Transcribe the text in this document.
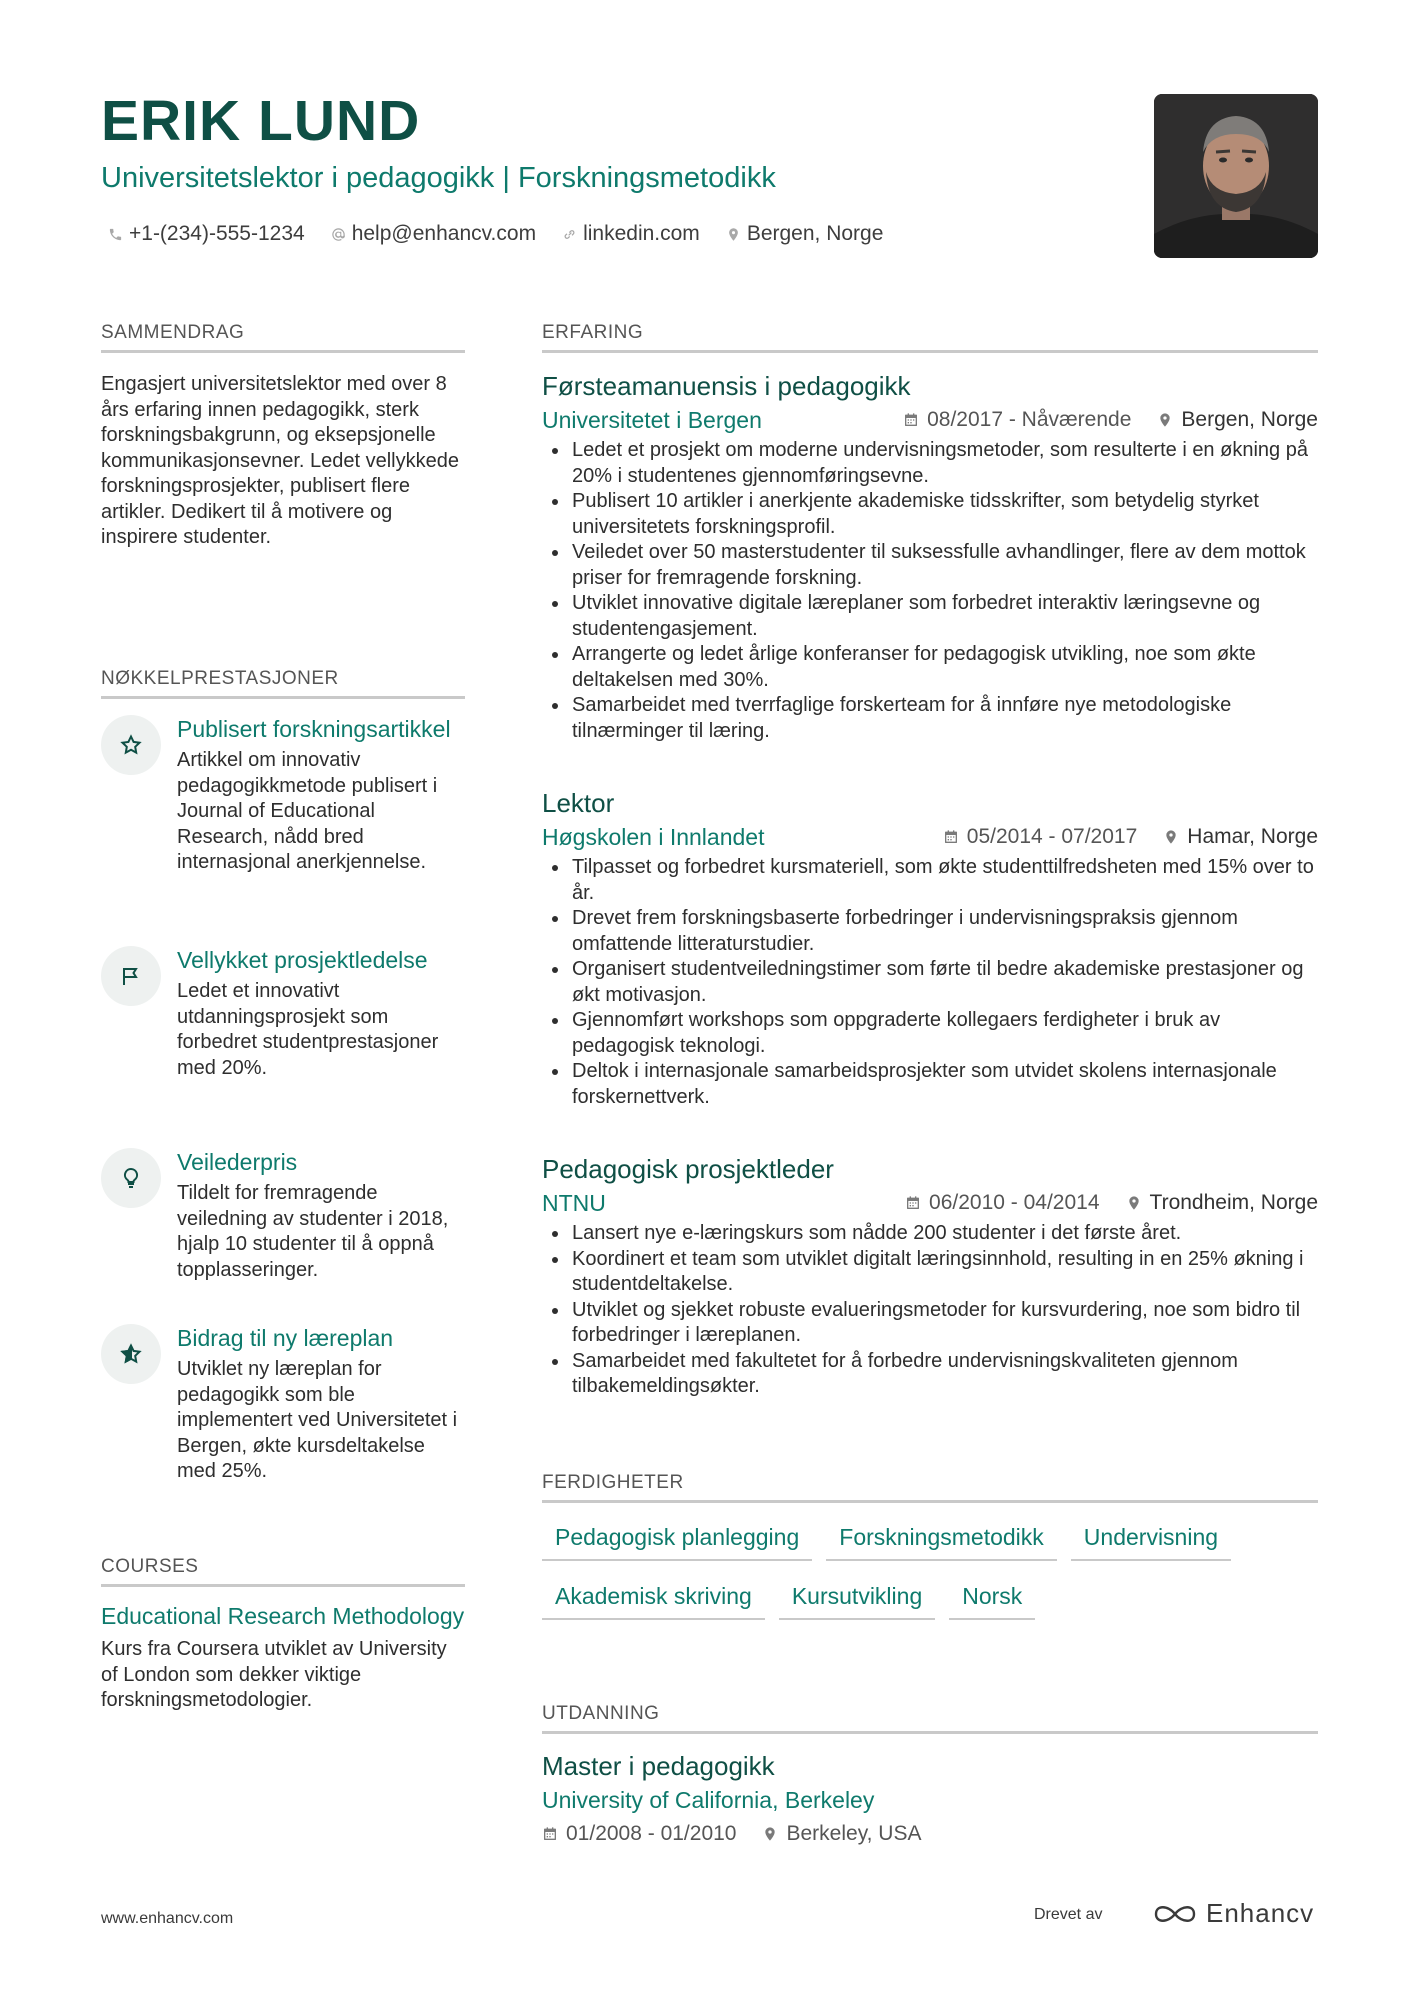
ERIK LUND
Universitetslektor i pedagogikk | Forskningsmetodikk
+1-(234)-555-1234 help@enhancv.com linkedin.com Bergen, Norge
SAMMENDRAG
Engasjert universitetslektor med over 8 års erfaring innen pedagogikk, sterk forskningsbakgrunn, og eksepsjonelle kommunikasjonsevner. Ledet vellykkede forskningsprosjekter, publisert flere artikler. Dedikert til å motivere og inspirere studenter.
NØKKELPRESTASJONER
Publisert forskningsartikkel
Artikkel om innovativ pedagogikkmetode publisert i Journal of Educational Research, nådd bred internasjonal anerkjennelse.
Vellykket prosjektledelse
Ledet et innovativt utdanningsprosjekt som forbedret studentprestasjoner med 20%.
Veilederpris
Tildelt for fremragende veiledning av studenter i 2018, hjalp 10 studenter til å oppnå topplasseringer.
Bidrag til ny læreplan
Utviklet ny læreplan for pedagogikk som ble implementert ved Universitetet i Bergen, økte kursdeltakelse med 25%.
COURSES
Educational Research Methodology
Kurs fra Coursera utviklet av University of London som dekker viktige forskningsmetodologier.
ERFARING
Førsteamanuensis i pedagogikk
Universitetet i Bergen	08/2017 - Nåværende Bergen, Norge
• Ledet et prosjekt om moderne undervisningsmetoder, som resulterte i en økning på 20% i studentenes gjennomføringsevne.
• Publisert 10 artikler i anerkjente akademiske tidsskrifter, som betydelig styrket universitetets forskningsprofil.
• Veiledet over 50 masterstudenter til suksessfulle avhandlinger, flere av dem mottok priser for fremragende forskning.
• Utviklet innovative digitale læreplaner som forbedret interaktiv læringsevne og studentengasjement.
• Arrangerte og ledet årlige konferanser for pedagogisk utvikling, noe som økte deltakelsen med 30%.
• Samarbeidet med tverrfaglige forskerteam for å innføre nye metodologiske tilnærminger til læring.
Lektor
Høgskolen i Innlandet	05/2014 - 07/2017 Hamar, Norge
• Tilpasset og forbedret kursmateriell, som økte studenttilfredsheten med 15% over to år.
• Drevet frem forskningsbaserte forbedringer i undervisningspraksis gjennom omfattende litteraturstudier.
• Organisert studentveiledningstimer som førte til bedre akademiske prestasjoner og økt motivasjon.
• Gjennomført workshops som oppgraderte kollegaers ferdigheter i bruk av pedagogisk teknologi.
• Deltok i internasjonale samarbeidsprosjekter som utvidet skolens internasjonale forskernettverk.
Pedagogisk prosjektleder
NTNU	06/2010 - 04/2014 Trondheim, Norge
• Lansert nye e-læringskurs som nådde 200 studenter i det første året.
• Koordinert et team som utviklet digitalt læringsinnhold, resulting in en 25% økning i studentdeltakelse.
• Utviklet og sjekket robuste evalueringsmetoder for kursvurdering, noe som bidro til forbedringer i læreplanen.
• Samarbeidet med fakultetet for å forbedre undervisningskvaliteten gjennom tilbakemeldingsøkter.
FERDIGHETER
Pedagogisk planlegging	Forskningsmetodikk	Undervisning
Akademisk skriving	Kursutvikling	Norsk
UTDANNING
Master i pedagogikk
University of California, Berkeley
01/2008 - 01/2010 Berkeley, USA
www.enhancv.com	Drevet av	Enhancv
